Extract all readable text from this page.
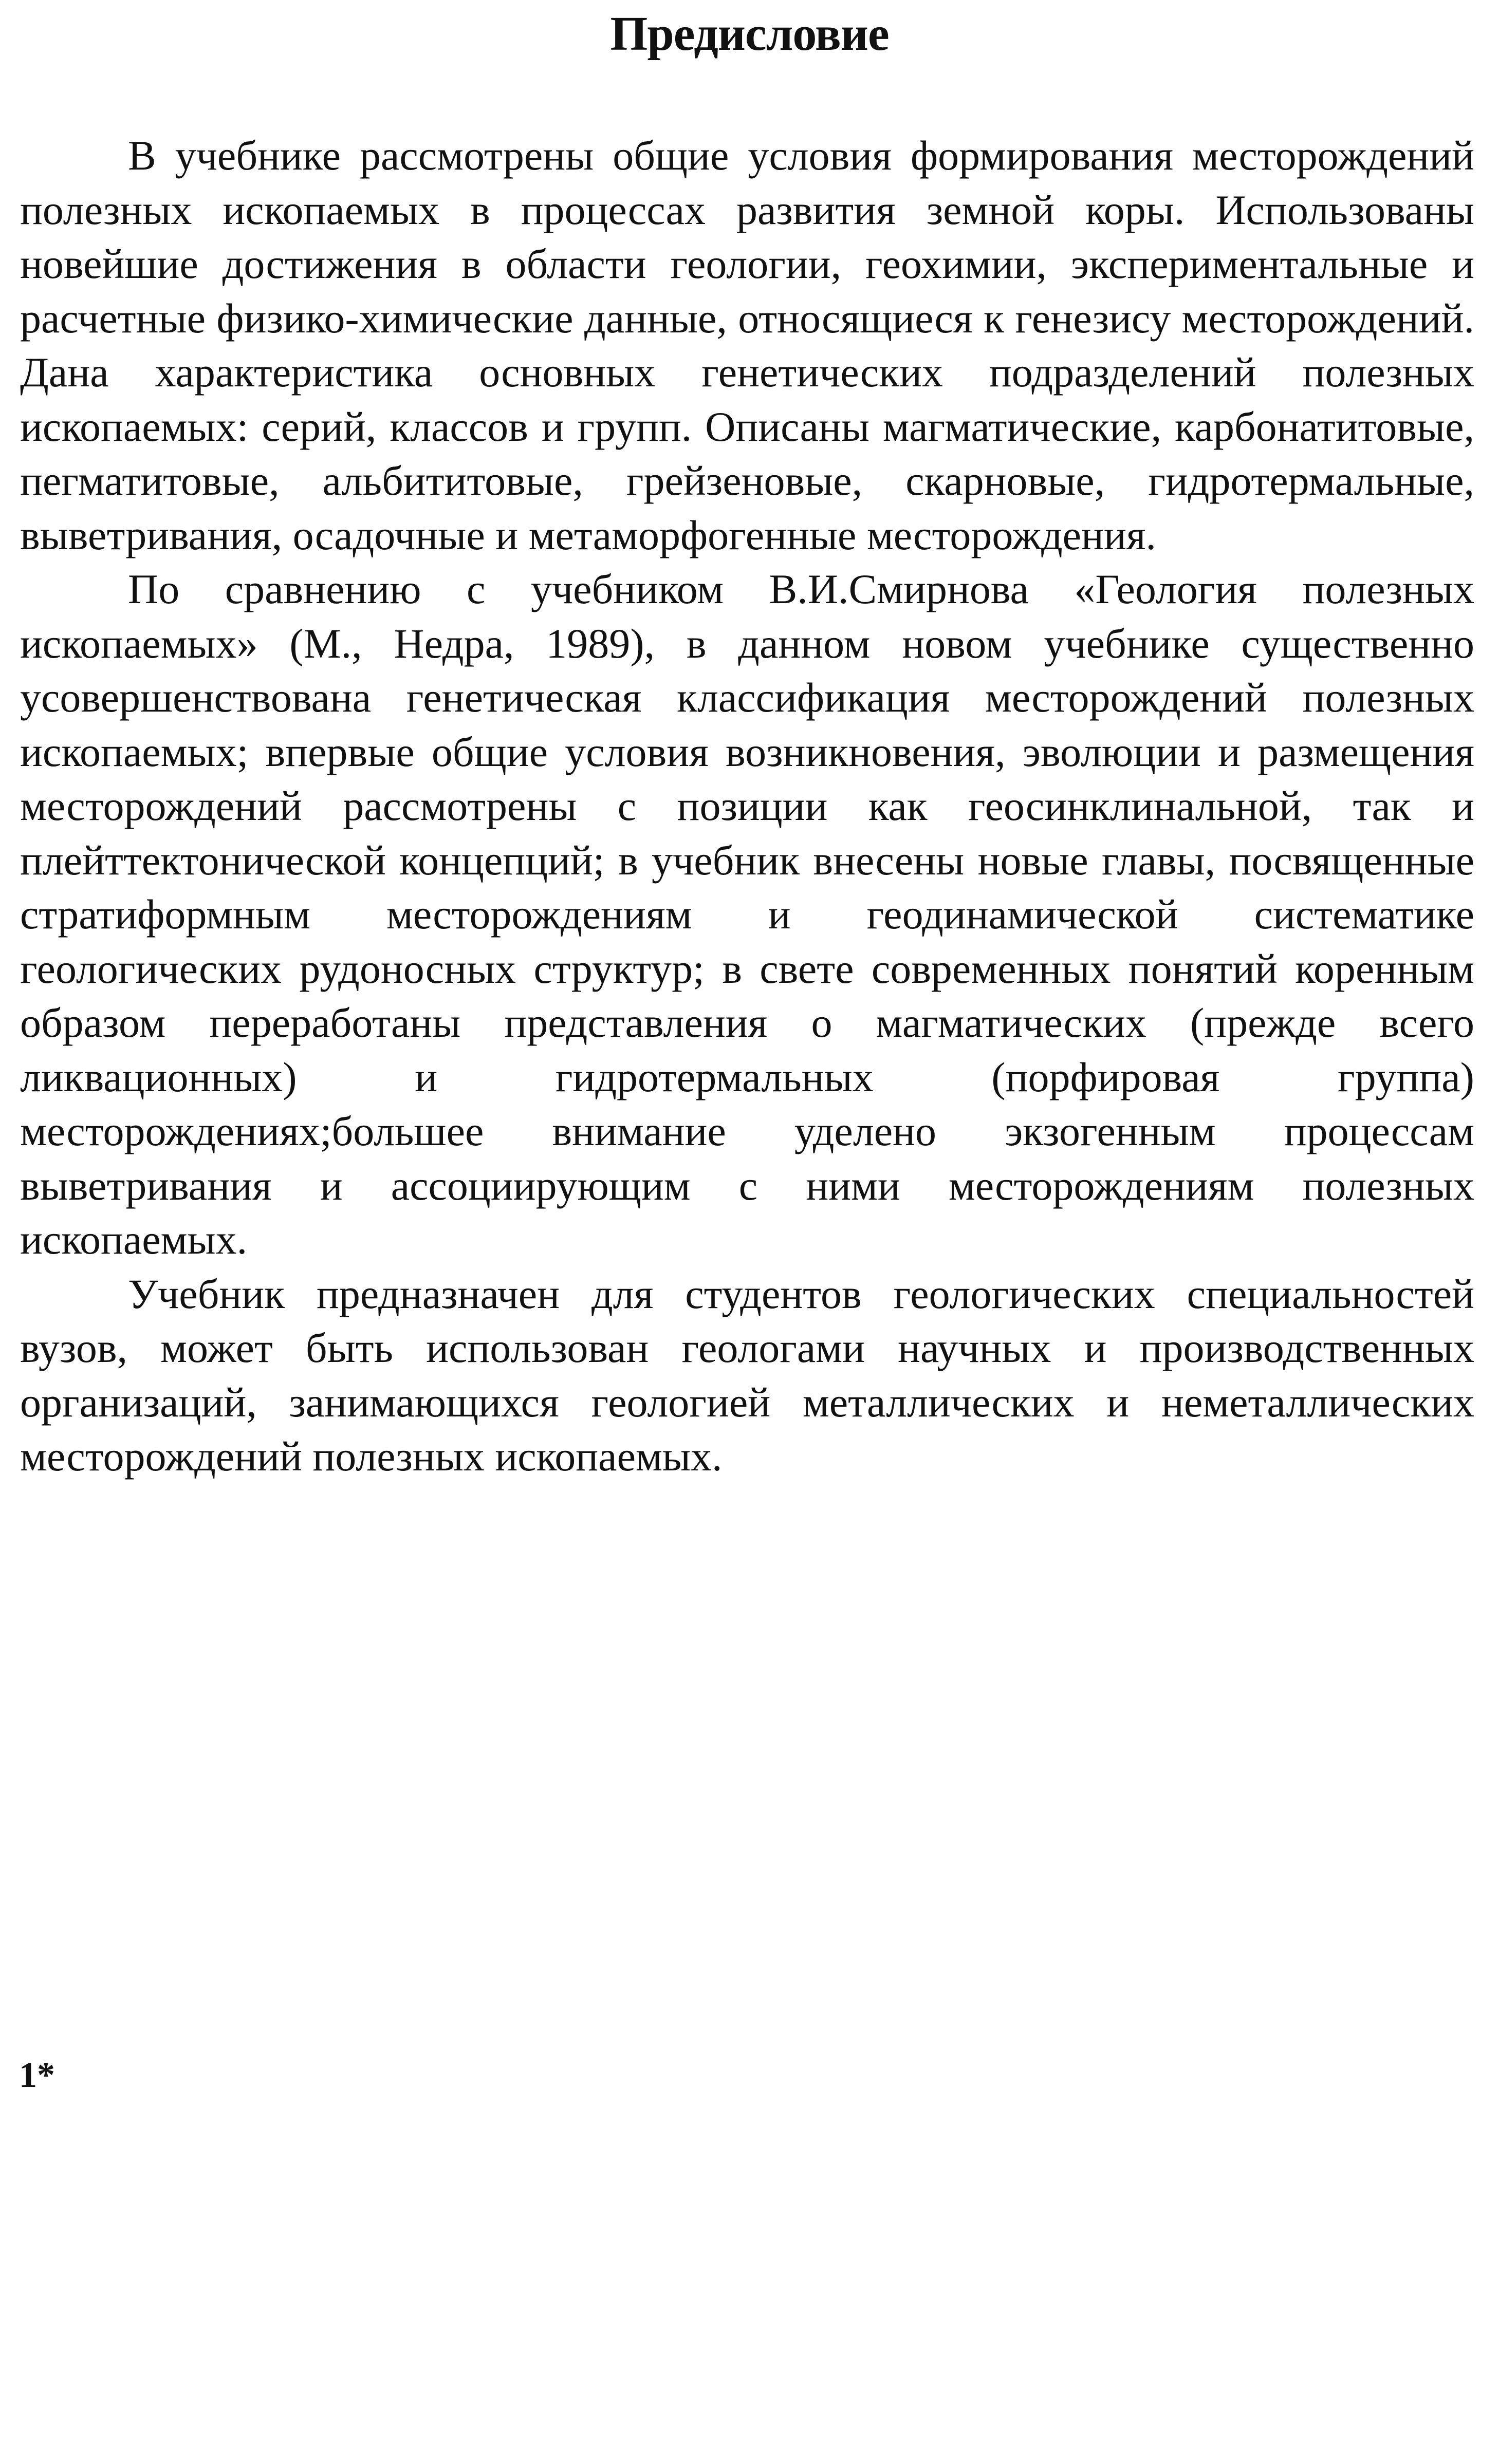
Предисловие

В учебнике рассмотрены общие условия формирования месторождений полезных ископаемых в процессах развития земной коры. Использованы новейшие достижения в области геологии, геохимии, экспериментальные и расчетные физико-химические данные, относящиеся к генезису месторождений. Дана характеристика основных генетических подразделений полезных ископаемых: серий, классов и групп. Описаны магматические, карбонатитовые, пегматитовые, альбититовые, грейзеновые, скарновые, гидротермальные, выветривания, осадочные и метаморфогенные месторождения.

По сравнению с учебником В.И.Смирнова «Геология полезных ископаемых» (М., Недра, 1989), в данном новом учебнике существенно усовершенствована генетическая классификация месторождений полезных ископаемых; впервые общие условия возникновения, эволюции и размещения месторождений рассмотрены с позиции как геосинклинальной, так и плейттектонической концепций; в учебник внесены новые главы, посвященные стратиформным месторождениям и геодинамической систематике геологических рудоносных структур; в свете современных понятий коренным образом переработаны представления о магматических (прежде всего ликвационных) и гидротермальных (порфировая группа) месторождениях;большее внимание уделено экзогенным процессам выветривания и ассоциирующим с ними месторождениям полезных ископаемых.

Учебник предназначен для студентов геологических специальностей вузов, может быть использован геологами научных и производственных организаций, занимающихся геологией металлических и неметаллических месторождений полезных ископаемых.

1*
